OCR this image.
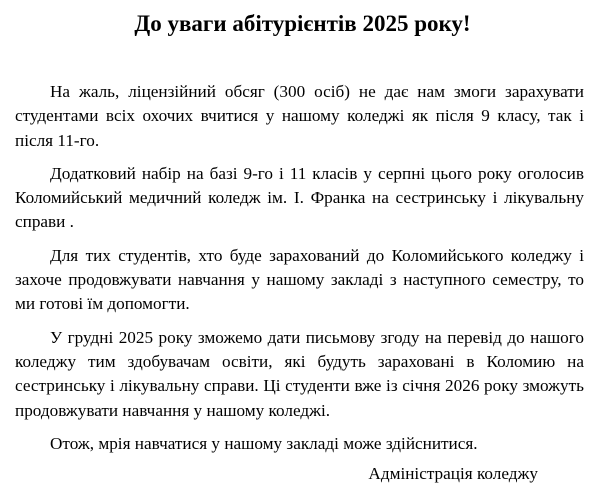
До уваги абітурієнтів 2025 року!

На жаль, ліцензійний обсяг (300 осіб) не дає нам змоги зарахувати студентами всіх охочих вчитися у нашому коледжі як після 9 класу, так і після 11-го.

Додатковий набір на базі 9-го і 11 класів у серпні цього року оголосив Коломийський медичний коледж ім. І. Франка на сестринську і лікувальну справи .

Для тих студентів, хто буде зарахований до Коломийського коледжу і захоче продовжувати навчання у нашому закладі з наступного семестру, то ми готові їм допомогти.

У грудні 2025 року зможемо дати письмову згоду на перевід до нашого коледжу тим здобувачам освіти, які будуть зараховані в Коломию на сестринську і лікувальну справи. Ці студенти вже із січня 2026 року зможуть продовжувати навчання у нашому коледжі.

Отож, мрія навчатися у нашому закладі може здійснитися.

Адміністрація коледжу
